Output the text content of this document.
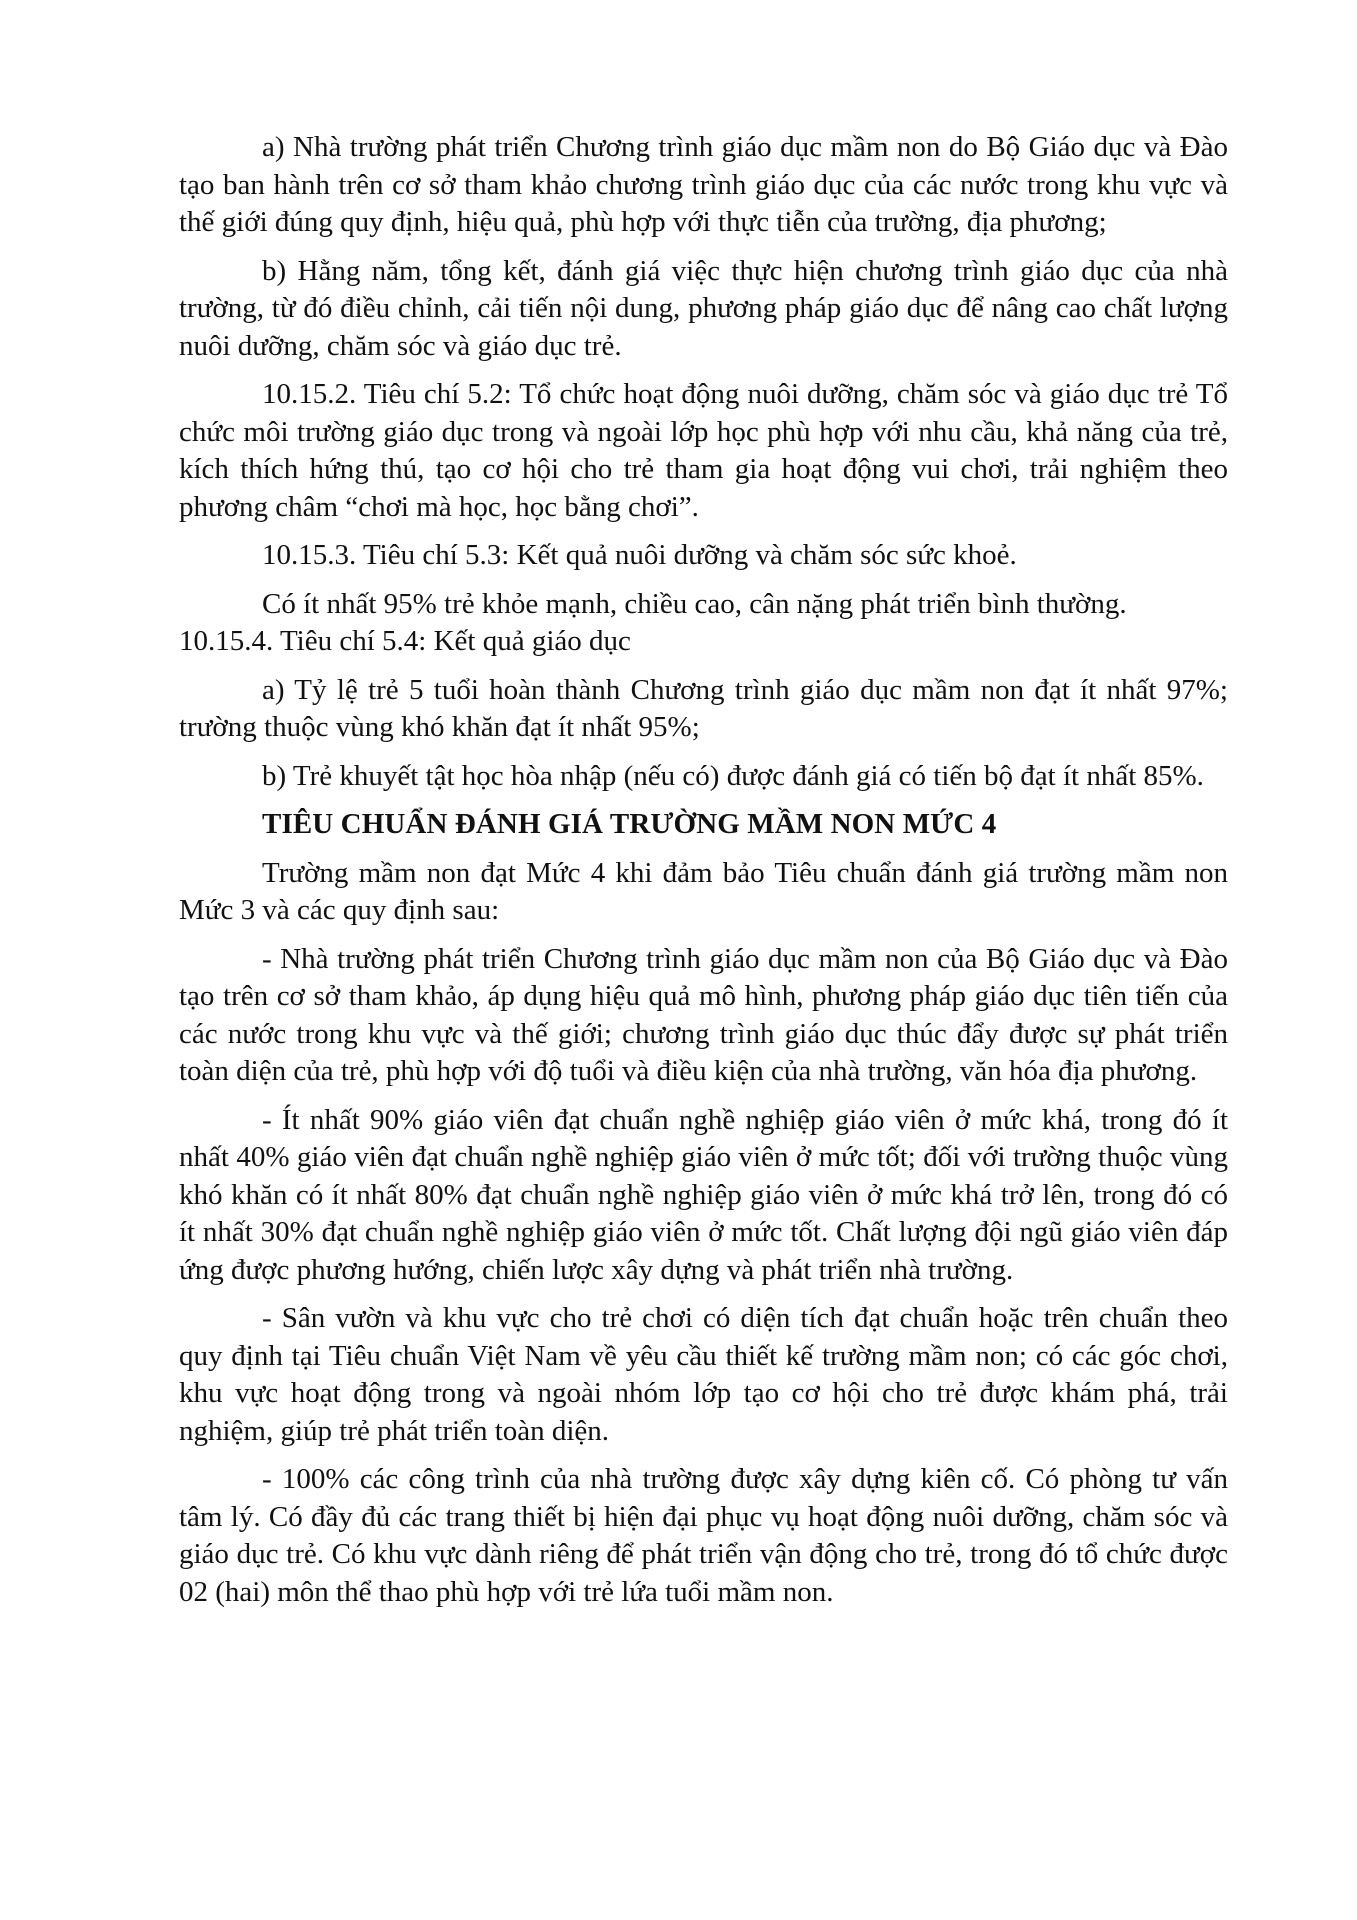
a) Nhà trường phát triển Chương trình giáo dục mầm non do Bộ Giáo dục và Đào tạo ban hành trên cơ sở tham khảo chương trình giáo dục của các nước trong khu vực và thế giới đúng quy định, hiệu quả, phù hợp với thực tiễn của trường, địa phương;

b) Hằng năm, tổng kết, đánh giá việc thực hiện chương trình giáo dục của nhà trường, từ đó điều chỉnh, cải tiến nội dung, phương pháp giáo dục để nâng cao chất lượng nuôi dưỡng, chăm sóc và giáo dục trẻ.

10.15.2. Tiêu chí 5.2: Tổ chức hoạt động nuôi dưỡng, chăm sóc và giáo dục trẻ Tổ chức môi trường giáo dục trong và ngoài lớp học phù hợp với nhu cầu, khả năng của trẻ, kích thích hứng thú, tạo cơ hội cho trẻ tham gia hoạt động vui chơi, trải nghiệm theo phương châm “chơi mà học, học bằng chơi”.

10.15.3. Tiêu chí 5.3: Kết quả nuôi dưỡng và chăm sóc sức khoẻ.

Có ít nhất 95% trẻ khỏe mạnh, chiều cao, cân nặng phát triển bình thường.

10.15.4. Tiêu chí 5.4: Kết quả giáo dục

a) Tỷ lệ trẻ 5 tuổi hoàn thành Chương trình giáo dục mầm non đạt ít nhất 97%; trường thuộc vùng khó khăn đạt ít nhất 95%;

b) Trẻ khuyết tật học hòa nhập (nếu có) được đánh giá có tiến bộ đạt ít nhất 85%.

TIÊU CHUẨN ĐÁNH GIÁ TRƯỜNG MẦM NON MỨC 4

Trường mầm non đạt Mức 4 khi đảm bảo Tiêu chuẩn đánh giá trường mầm non Mức 3 và các quy định sau:

- Nhà trường phát triển Chương trình giáo dục mầm non của Bộ Giáo dục và Đào tạo trên cơ sở tham khảo, áp dụng hiệu quả mô hình, phương pháp giáo dục tiên tiến của các nước trong khu vực và thế giới; chương trình giáo dục thúc đẩy được sự phát triển toàn diện của trẻ, phù hợp với độ tuổi và điều kiện của nhà trường, văn hóa địa phương.

- Ít nhất 90% giáo viên đạt chuẩn nghề nghiệp giáo viên ở mức khá, trong đó ít nhất 40% giáo viên đạt chuẩn nghề nghiệp giáo viên ở mức tốt; đối với trường thuộc vùng khó khăn có ít nhất 80% đạt chuẩn nghề nghiệp giáo viên ở mức khá trở lên, trong đó có ít nhất 30% đạt chuẩn nghề nghiệp giáo viên ở mức tốt. Chất lượng đội ngũ giáo viên đáp ứng được phương hướng, chiến lược xây dựng và phát triển nhà trường.

- Sân vườn và khu vực cho trẻ chơi có diện tích đạt chuẩn hoặc trên chuẩn theo quy định tại Tiêu chuẩn Việt Nam về yêu cầu thiết kế trường mầm non; có các góc chơi, khu vực hoạt động trong và ngoài nhóm lớp tạo cơ hội cho trẻ được khám phá, trải nghiệm, giúp trẻ phát triển toàn diện.

- 100% các công trình của nhà trường được xây dựng kiên cố. Có phòng tư vấn tâm lý. Có đầy đủ các trang thiết bị hiện đại phục vụ hoạt động nuôi dưỡng, chăm sóc và giáo dục trẻ. Có khu vực dành riêng để phát triển vận động cho trẻ, trong đó tổ chức được 02 (hai) môn thể thao phù hợp với trẻ lứa tuổi mầm non.
